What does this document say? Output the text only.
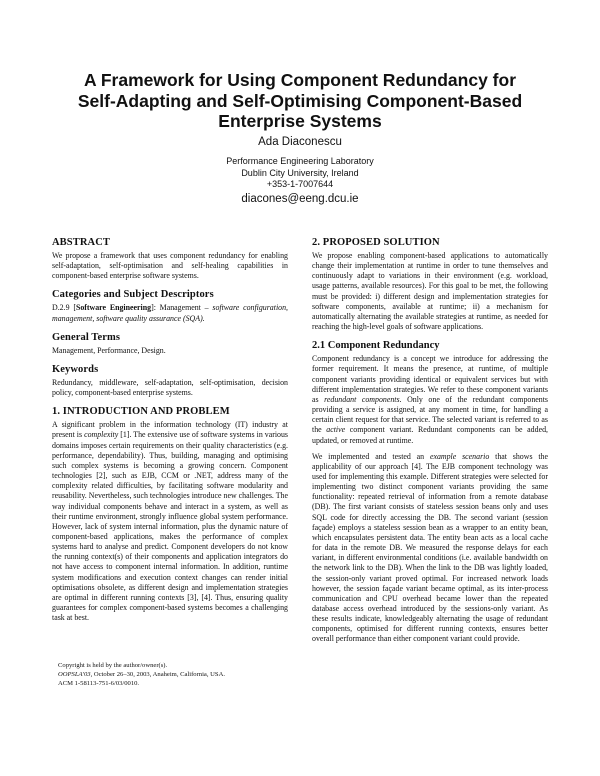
A Framework for Using Component Redundancy for
Self-Adapting and Self-Optimising Component-Based
Enterprise Systems
Ada Diaconescu
Performance Engineering Laboratory
Dublin City University, Ireland
+353-1-7007644
diacones@eeng.dcu.ie
ABSTRACT

We propose a framework that uses component redundancy for enabling self-adaptation, self-optimisation and self-healing capabilities in component-based enterprise software systems.

Categories and Subject Descriptors

D.2.9 [Software Engineering]: Management – software configuration, management, software quality assurance (SQA).

General Terms

Management, Performance, Design.

Keywords

Redundancy, middleware, self-adaptation, self-optimisation, decision policy, component-based enterprise systems.

1. INTRODUCTION AND PROBLEM

A significant problem in the information technology (IT) industry at present is complexity [1]. The extensive use of software systems in various domains imposes certain requirements on their quality characteristics (e.g. performance, dependability). Thus, building, managing and optimising such complex systems is becoming a growing concern. Component technologies [2], such as EJB, CCM or .NET, address many of the complexity related difficulties, by facilitating software modularity and reusability. Nevertheless, such technologies introduce new challenges. The way individual components behave and interact in a system, as well as their runtime environment, strongly influence global system performance. However, lack of system internal information, plus the dynamic nature of component-based applications, makes the performance of complex systems hard to analyse and predict. Component developers do not know the running context(s) of their components and application integrators do not have access to component internal information. In addition, runtime system modifications and execution context changes can render initial optimisations obsolete, as different design and implementation strategies are optimal in different running contexts [3], [4]. Thus, ensuring quality guarantees for complex component-based systems becomes a challenging task at best.

Copyright is held by the author/owner(s).
OOPSLA'03, October 26–30, 2003, Anaheim, California, USA.
ACM 1-58113-751-6/03/0010.
2. PROPOSED SOLUTION

We propose enabling component-based applications to automatically change their implementation at runtime in order to tune themselves and continuously adapt to variations in their environment (e.g. workload, usage patterns, available resources). For this goal to be met, the following must be provided: i) different design and implementation strategies for software components, available at runtime; ii) a mechanism for automatically alternating the available strategies at runtime, as needed for reaching the high-level goals of software applications.

2.1 Component Redundancy

Component redundancy is a concept we introduce for addressing the former requirement. It means the presence, at runtime, of multiple component variants providing identical or equivalent services but with different implementation strategies. We refer to these component variants as redundant components. Only one of the redundant components providing a service is assigned, at any moment in time, for handling a certain client request for that service. The selected variant is referred to as the active component variant. Redundant components can be added, updated, or removed at runtime.

We implemented and tested an example scenario that shows the applicability of our approach [4]. The EJB component technology was used for implementing this example. Different strategies were selected for implementing two distinct component variants providing the same functionality: repeated retrieval of information from a remote database (DB). The first variant consists of stateless session beans only and uses SQL code for directly accessing the DB. The second variant (session façade) employs a stateless session bean as a wrapper to an entity bean, which encapsulates persistent data. The entity bean acts as a local cache for data in the remote DB. We measured the response delays for each variant, in different environmental conditions (i.e. available bandwidth on the network link to the DB). When the link to the DB was lightly loaded, the session-only variant proved optimal. For increased network loads however, the session façade variant became optimal, as its inter-process communication and CPU overhead became lower than the repeated database access overhead introduced by the sessions-only variant. As these results indicate, knowledgeably alternating the usage of redundant components, optimised for different running contexts, ensures better overall performance than either component variant could provide.
